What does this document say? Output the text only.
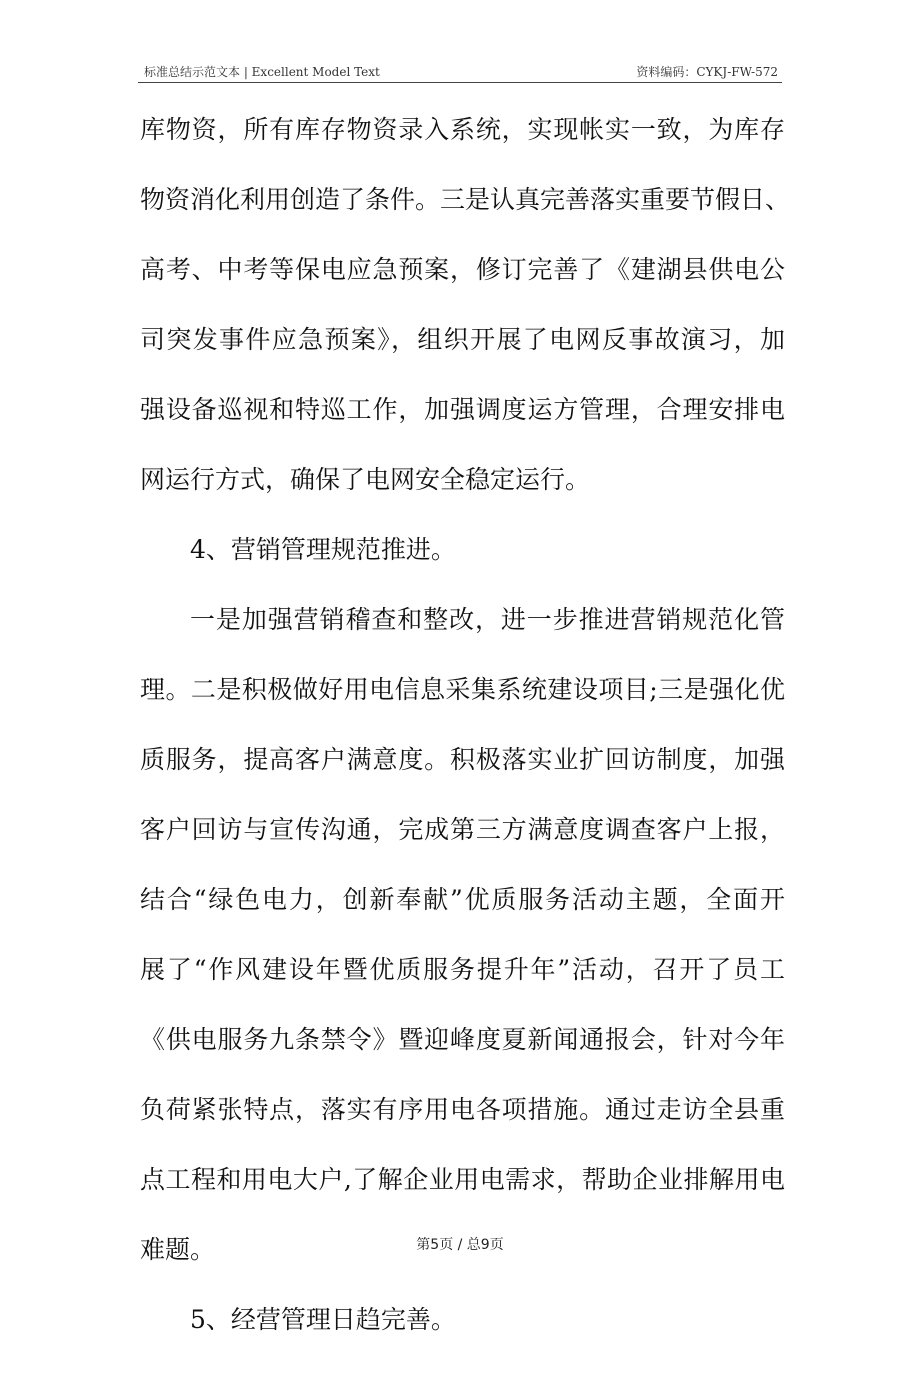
标准总结示范文本 | Excellent Model Text	资料编码：CYKJ-FW-572
库物资，所有库存物资录入系统，实现帐实一致，为库存
物资消化利用创造了条件。三是认真完善落实重要节假日、
高考、中考等保电应急预案，修订完善了《建湖县供电公
司突发事件应急预案》，组织开展了电网反事故演习，加
强设备巡视和特巡工作，加强调度运方管理，合理安排电
网运行方式，确保了电网安全稳定运行。
4、营销管理规范推进。
一是加强营销稽查和整改，进一步推进营销规范化管
理。二是积极做好用电信息采集系统建设项目;三是强化优
质服务，提高客户满意度。积极落实业扩回访制度，加强
客户回访与宣传沟通，完成第三方满意度调查客户上报，
结合“绿色电力，创新奉献”优质服务活动主题，全面开
展了“作风建设年暨优质服务提升年”活动，召开了员工
《供电服务九条禁令》暨迎峰度夏新闻通报会，针对今年
负荷紧张特点，落实有序用电各项措施。通过走访全县重
点工程和用电大户,了解企业用电需求，帮助企业排解用电
难题。
5、经营管理日趋完善。
第5页 / 总9页
